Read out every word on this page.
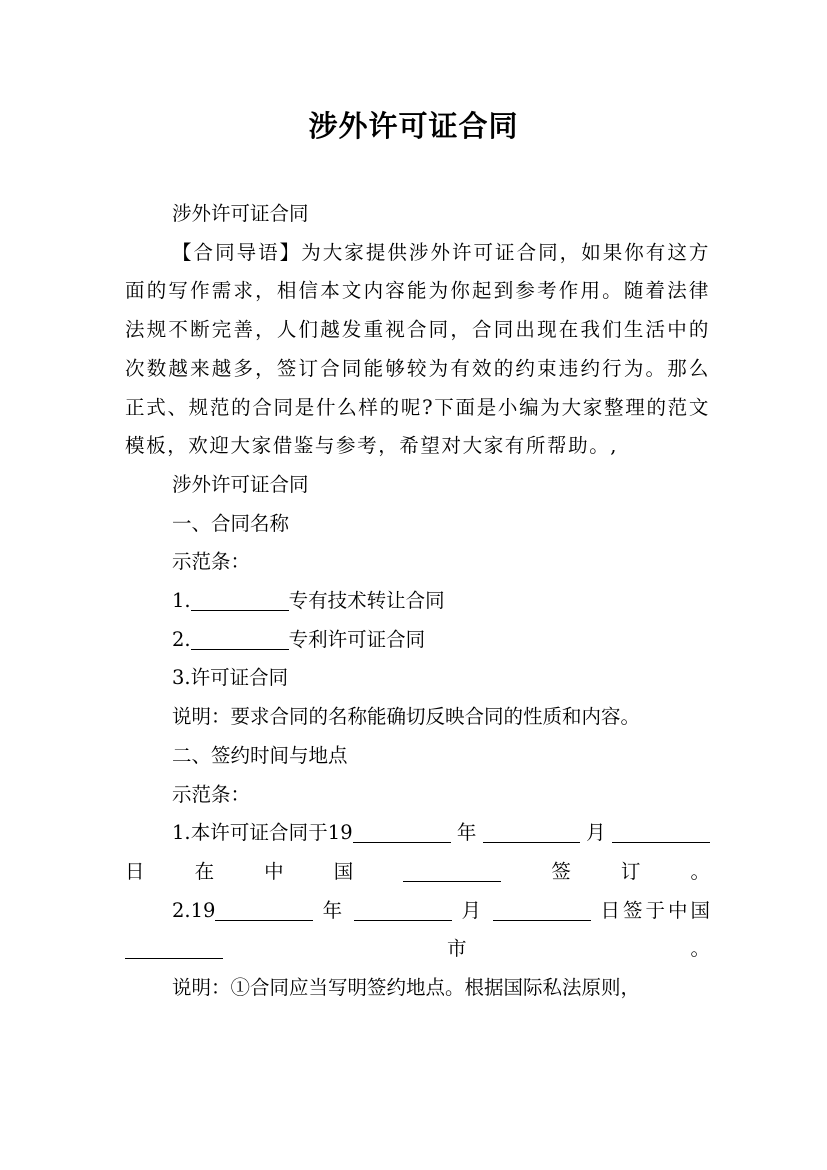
涉外许可证合同

涉外许可证合同

【合同导语】为大家提供涉外许可证合同，如果你有这方面的写作需求，相信本文内容能为你起到参考作用。随着法律法规不断完善，人们越发重视合同，合同出现在我们生活中的次数越来越多，签订合同能够较为有效的约束违约行为。那么正式、规范的合同是什么样的呢?下面是小编为大家整理的范文模板，欢迎大家借鉴与参考，希望对大家有所帮助。,

涉外许可证合同

一、合同名称

示范条：

1.	专有技术转让合同

2.	专利许可证合同

3.许可证合同

说明：要求合同的名称能确切反映合同的性质和内容。

二、签约时间与地点

示范条：

1.本许可证合同于19	年	月 日在中国	签订。

2.19	年	月	日签于中国 市。

说明：①合同应当写明签约地点。根据国际私法原则，
